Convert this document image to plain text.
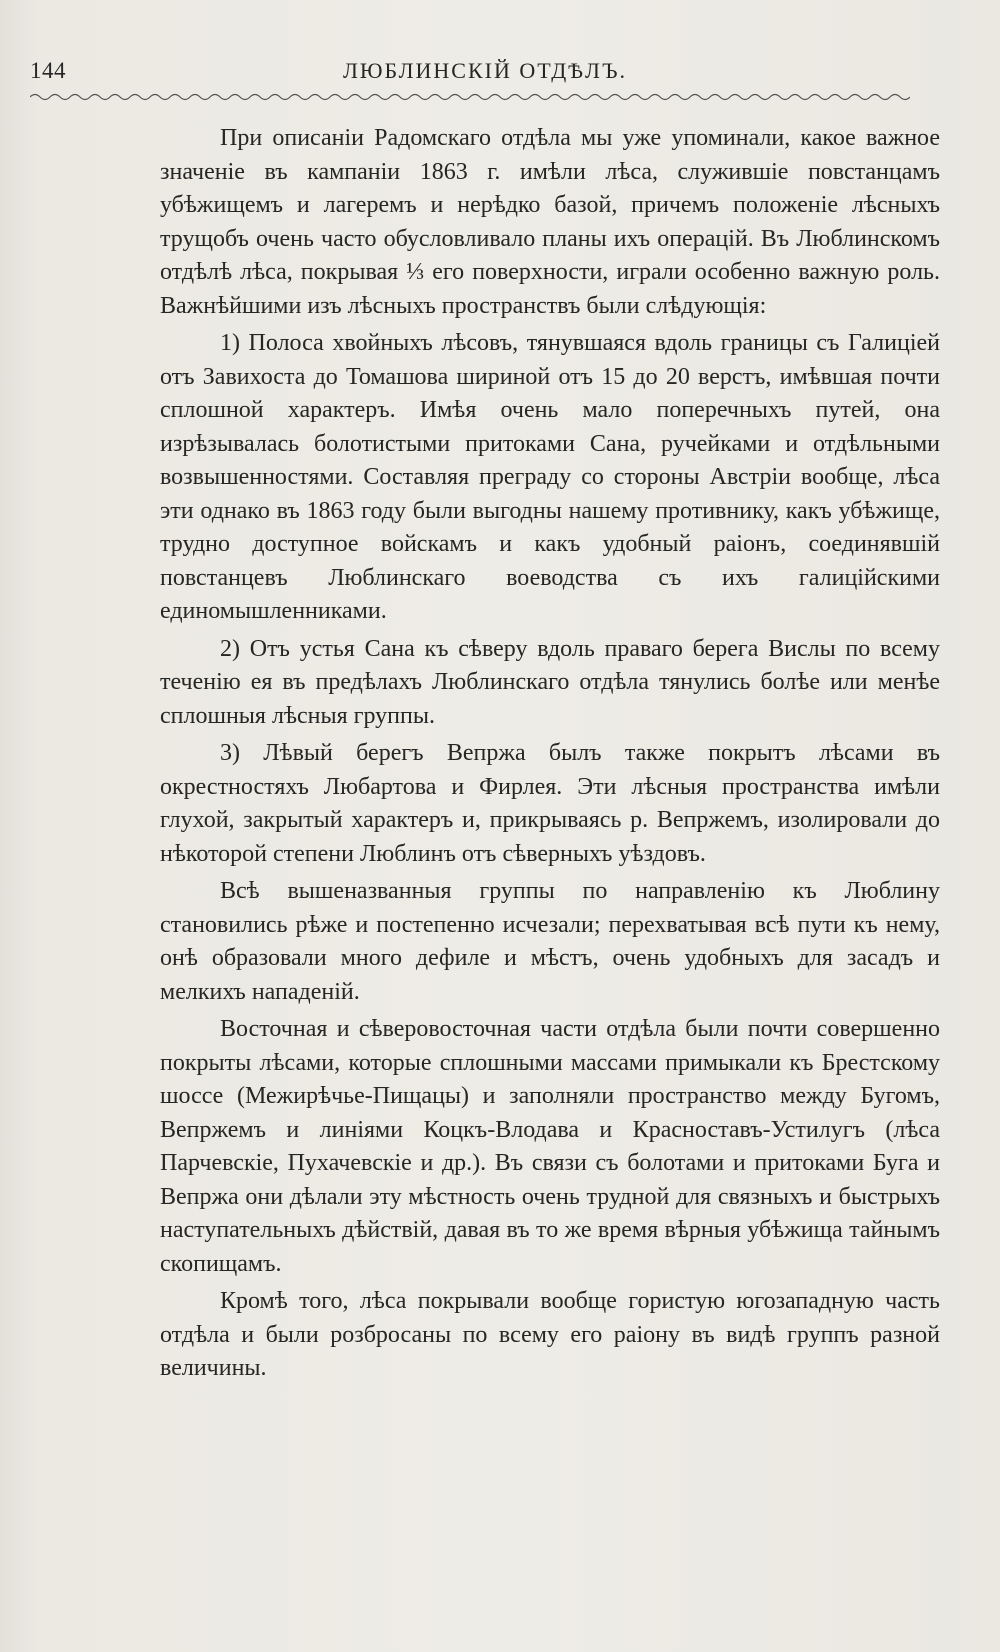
144	ЛЮБЛИНСКІЙ ОТДѢЛЪ.

При описаніи Радомскаго отдѣла мы уже упоминали, какое важное значеніе въ кампаніи 1863 г. имѣли лѣса, служившіе повстанцамъ убѣжищемъ и лагеремъ и нерѣдко базой, причемъ положеніе лѣсныхъ трущобъ очень часто обусловливало планы ихъ операцій. Въ Люблинскомъ отдѣлѣ лѣса, покрывая ⅓ его поверхности, играли особенно важную роль. Важнѣйшими изъ лѣсныхъ пространствъ были слѣдующія:

1) Полоса хвойныхъ лѣсовъ, тянувшаяся вдоль границы съ Галиціей отъ Завихоста до Томашова шириной отъ 15 до 20 верстъ, имѣвшая почти сплошной характеръ. Имѣя очень мало поперечныхъ путей, она изрѣзывалась болотистыми притоками Сана, ручейками и отдѣльными возвышенностями. Составляя преграду со стороны Австріи вообще, лѣса эти однако въ 1863 году были выгодны нашему противнику, какъ убѣжище, трудно доступное войскамъ и какъ удобный раіонъ, соединявшій повстанцевъ Люблинскаго воеводства съ ихъ галиційскими единомышленниками.

2) Отъ устья Сана къ сѣверу вдоль праваго берега Вислы по всему теченію ея въ предѣлахъ Люблинскаго отдѣла тянулись болѣе или менѣе сплошныя лѣсныя группы.

3) Лѣвый берегъ Вепржа былъ также покрытъ лѣсами въ окрестностяхъ Любартова и Фирлея. Эти лѣсныя пространства имѣли глухой, закрытый характеръ и, прикрываясь р. Вепржемъ, изолировали до нѣкоторой степени Люблинъ отъ сѣверныхъ уѣздовъ.

Всѣ вышеназванныя группы по направленію къ Люблину становились рѣже и постепенно исчезали; перехватывая всѣ пути къ нему, онѣ образовали много дефиле и мѣстъ, очень удобныхъ для засадъ и мелкихъ нападеній.

Восточная и сѣверовосточная части отдѣла были почти совершенно покрыты лѣсами, которые сплошными массами примыкали къ Брестскому шоссе (Межирѣчье-Пищацы) и заполняли пространство между Бугомъ, Вепржемъ и линіями Коцкъ-Влодава и Красноставъ-Устилугъ (лѣса Парчевскіе, Пухачевскіе и др.). Въ связи съ болотами и притоками Буга и Вепржа они дѣлали эту мѣстность очень трудной для связныхъ и быстрыхъ наступательныхъ дѣйствій, давая въ то же время вѣрныя убѣжища тайнымъ скопищамъ.

Кромѣ того, лѣса покрывали вообще гористую югозападную часть отдѣла и были розбросаны по всему его раіону въ видѣ группъ разной величины.
